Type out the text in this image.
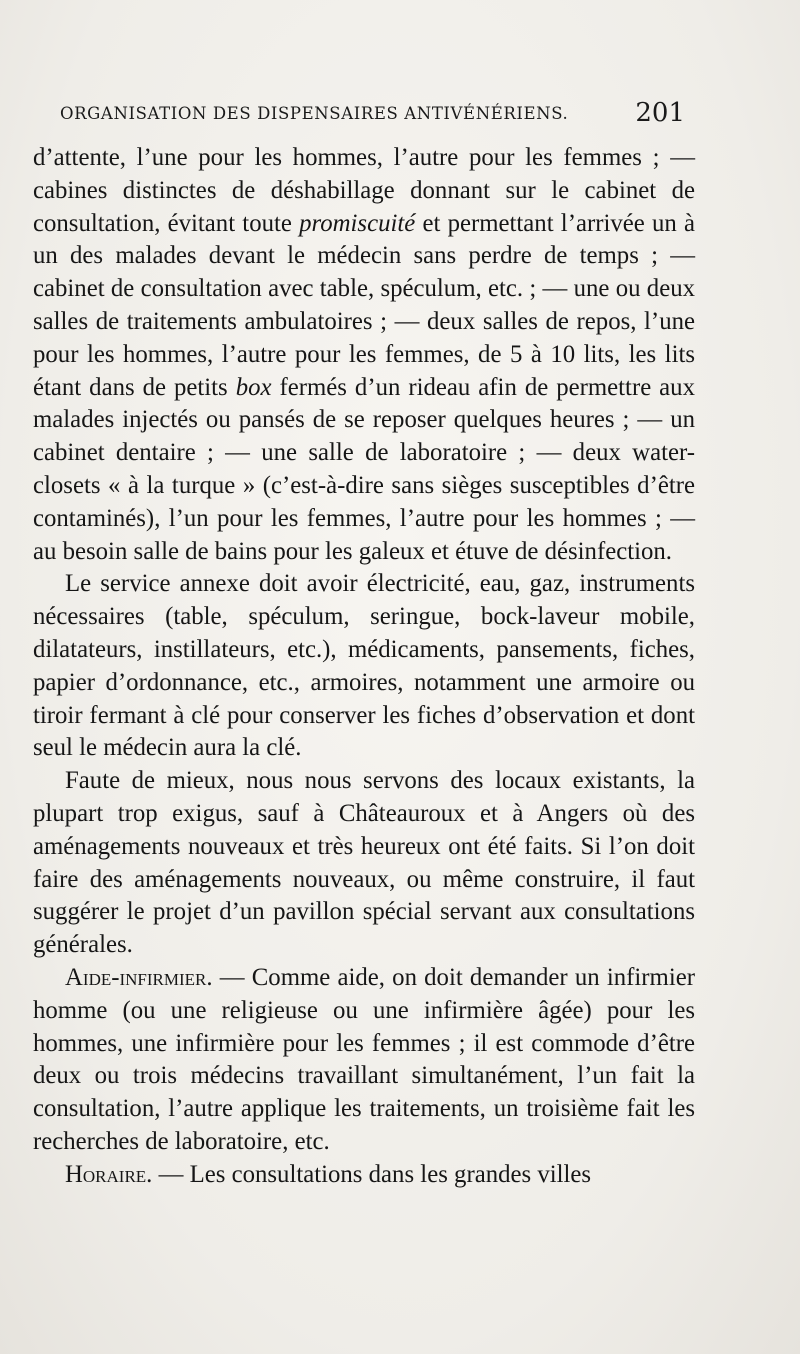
ORGANISATION DES DISPENSAIRES ANTIVÉNÉRIENS.	201

d’attente, l’une pour les hommes, l’autre pour les femmes ; — cabines distinctes de déshabillage donnant sur le cabinet de consultation, évitant toute promiscuité et permettant l’arrivée un à un des malades devant le médecin sans perdre de temps ; — cabinet de consultation avec table, spéculum, etc. ; — une ou deux salles de traitements ambulatoires ; — deux salles de repos, l’une pour les hommes, l’autre pour les femmes, de 5 à 10 lits, les lits étant dans de petits box fermés d’un rideau afin de permettre aux malades injectés ou pansés de se reposer quelques heures ; — un cabinet dentaire ; — une salle de laboratoire ; — deux water-closets « à la turque » (c’est-à-dire sans sièges susceptibles d’être contaminés), l’un pour les femmes, l’autre pour les hommes ; — au besoin salle de bains pour les galeux et étuve de désinfection.

Le service annexe doit avoir électricité, eau, gaz, instruments nécessaires (table, spéculum, seringue, bock-laveur mobile, dilatateurs, instillateurs, etc.), médicaments, pansements, fiches, papier d’ordonnance, etc., armoires, notamment une armoire ou tiroir fermant à clé pour conserver les fiches d’observation et dont seul le médecin aura la clé.

Faute de mieux, nous nous servons des locaux existants, la plupart trop exigus, sauf à Châteauroux et à Angers où des aménagements nouveaux et très heureux ont été faits. Si l’on doit faire des aménagements nouveaux, ou même construire, il faut suggérer le projet d’un pavillon spécial servant aux consultations générales.

Aide-infirmier. — Comme aide, on doit demander un infirmier homme (ou une religieuse ou une infirmière âgée) pour les hommes, une infirmière pour les femmes ; il est commode d’être deux ou trois médecins travaillant simultanément, l’un fait la consultation, l’autre applique les traitements, un troisième fait les recherches de laboratoire, etc.

Horaire. — Les consultations dans les grandes villes
